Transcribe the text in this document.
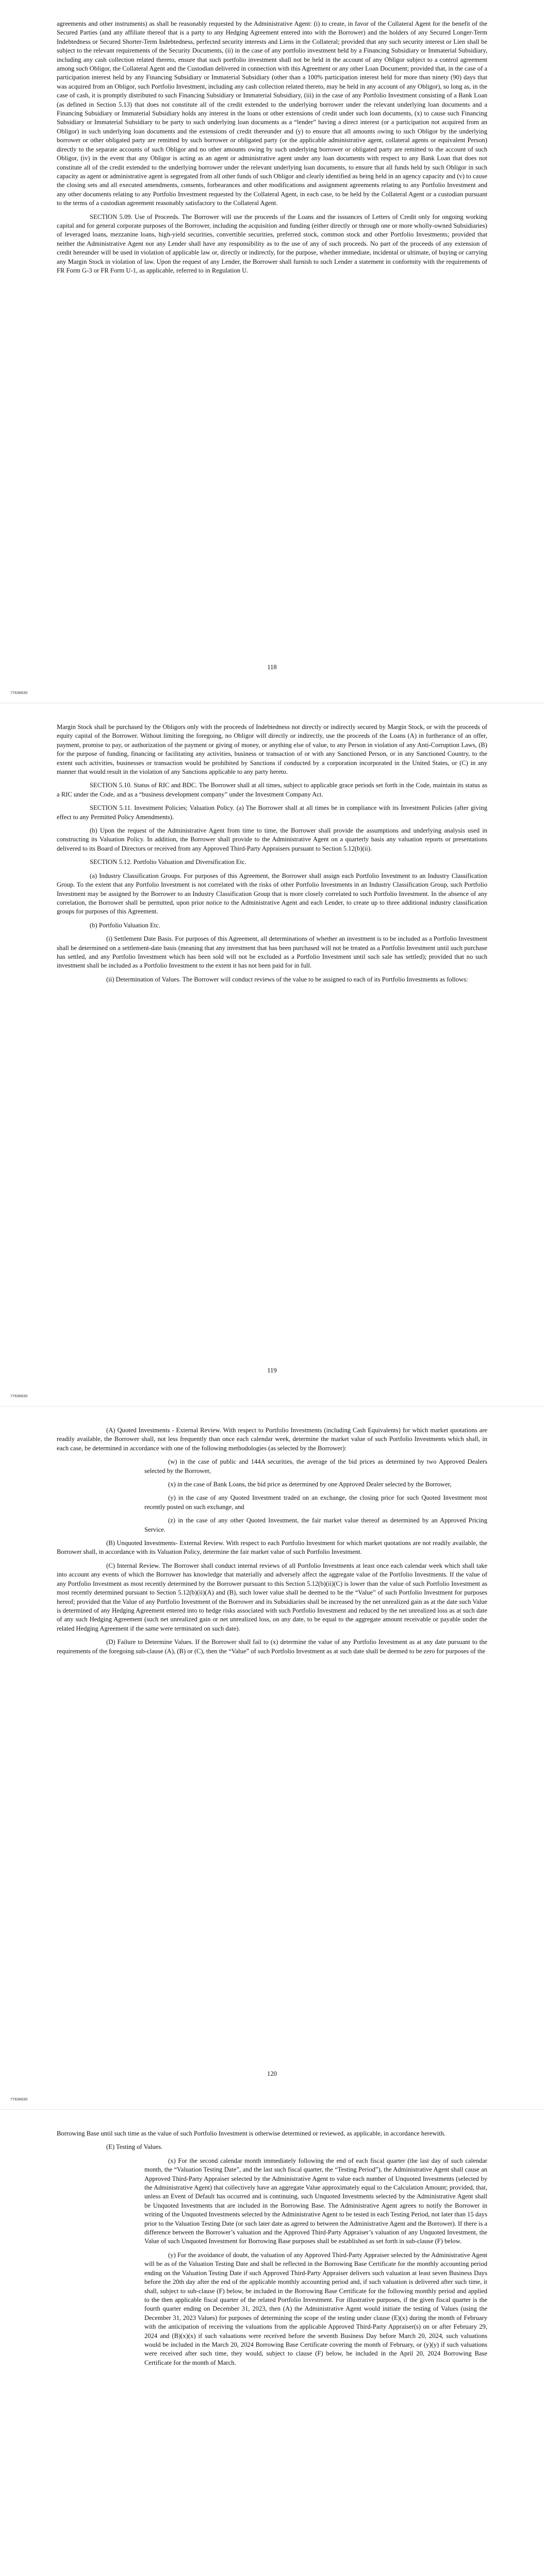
agreements and other instruments) as shall be reasonably requested by the Administrative Agent: (i) to create, in favor of the Collateral Agent for the benefit of the Secured Parties (and any affiliate thereof that is a party to any Hedging Agreement entered into with the Borrower) and the holders of any Secured Longer-Term Indebtedness or Secured Shorter-Term Indebtedness, perfected security interests and Liens in the Collateral; provided that any such security interest or Lien shall be subject to the relevant requirements of the Security Documents, (ii) in the case of any portfolio investment held by a Financing Subsidiary or Immaterial Subsidiary, including any cash collection related thereto, ensure that such portfolio investment shall not be held in the account of any Obligor subject to a control agreement among such Obligor, the Collateral Agent and the Custodian delivered in connection with this Agreement or any other Loan Document; provided that, in the case of a participation interest held by any Financing Subsidiary or Immaterial Subsidiary (other than a 100% participation interest held for more than ninety (90) days that was acquired from an Obligor, such Portfolio Investment, including any cash collection related thereto, may be held in any account of any Obligor), so long as, in the case of cash, it is promptly distributed to such Financing Subsidiary or Immaterial Subsidiary, (iii) in the case of any Portfolio Investment consisting of a Bank Loan (as defined in Section 5.13) that does not constitute all of the credit extended to the underlying borrower under the relevant underlying loan documents and a Financing Subsidiary or Immaterial Subsidiary holds any interest in the loans or other extensions of credit under such loan documents, (x) to cause such Financing Subsidiary or Immaterial Subsidiary to be party to such underlying loan documents as a “lender” having a direct interest (or a participation not acquired from an Obligor) in such underlying loan documents and the extensions of credit thereunder and (y) to ensure that all amounts owing to such Obligor by the underlying borrower or other obligated party are remitted by such borrower or obligated party (or the applicable administrative agent, collateral agents or equivalent Person) directly to the separate accounts of such Obligor and no other amounts owing by such underlying borrower or obligated party are remitted to the account of such Obligor, (iv) in the event that any Obligor is acting as an agent or administrative agent under any loan documents with respect to any Bank Loan that does not constitute all of the credit extended to the underlying borrower under the relevant underlying loan documents, to ensure that all funds held by such Obligor in such capacity as agent or administrative agent is segregated from all other funds of such Obligor and clearly identified as being held in an agency capacity and (v) to cause the closing sets and all executed amendments, consents, forbearances and other modifications and assignment agreements relating to any Portfolio Investment and any other documents relating to any Portfolio Investment requested by the Collateral Agent, in each case, to be held by the Collateral Agent or a custodian pursuant to the terms of a custodian agreement reasonably satisfactory to the Collateral Agent.

SECTION 5.09. Use of Proceeds. The Borrower will use the proceeds of the Loans and the issuances of Letters of Credit only for ongoing working capital and for general corporate purposes of the Borrower, including the acquisition and funding (either directly or through one or more wholly-owned Subsidiaries) of leveraged loans, mezzanine loans, high-yield securities, convertible securities, preferred stock, common stock and other Portfolio Investments; provided that neither the Administrative Agent nor any Lender shall have any responsibility as to the use of any of such proceeds. No part of the proceeds of any extension of credit hereunder will be used in violation of applicable law or, directly or indirectly, for the purpose, whether immediate, incidental or ultimate, of buying or carrying any Margin Stock in violation of law. Upon the request of any Lender, the Borrower shall furnish to such Lender a statement in conformity with the requirements of FR Form G-3 or FR Form U-1, as applicable, referred to in Regulation U.

118
77636630

Margin Stock shall be purchased by the Obligors only with the proceeds of Indebtedness not directly or indirectly secured by Margin Stock, or with the proceeds of equity capital of the Borrower. Without limiting the foregoing, no Obligor will directly or indirectly, use the proceeds of the Loans (A) in furtherance of an offer, payment, promise to pay, or authorization of the payment or giving of money, or anything else of value, to any Person in violation of any Anti-Corruption Laws, (B) for the purpose of funding, financing or facilitating any activities, business or transaction of or with any Sanctioned Person, or in any Sanctioned Country, to the extent such activities, businesses or transaction would be prohibited by Sanctions if conducted by a corporation incorporated in the United States, or (C) in any manner that would result in the violation of any Sanctions applicable to any party hereto.

SECTION 5.10. Status of RIC and BDC. The Borrower shall at all times, subject to applicable grace periods set forth in the Code, maintain its status as a RIC under the Code, and as a “business development company” under the Investment Company Act.

SECTION 5.11. Investment Policies; Valuation Policy. (a) The Borrower shall at all times be in compliance with its Investment Policies (after giving effect to any Permitted Policy Amendments).

(b) Upon the request of the Administrative Agent from time to time, the Borrower shall provide the assumptions and underlying analysis used in constructing its Valuation Policy. In addition, the Borrower shall provide to the Administrative Agent on a quarterly basis any valuation reports or presentations delivered to its Board of Directors or received from any Approved Third-Party Appraisers pursuant to Section 5.12(b)(ii).

SECTION 5.12. Portfolio Valuation and Diversification Etc.

(a) Industry Classification Groups. For purposes of this Agreement, the Borrower shall assign each Portfolio Investment to an Industry Classification Group. To the extent that any Portfolio Investment is not correlated with the risks of other Portfolio Investments in an Industry Classification Group, such Portfolio Investment may be assigned by the Borrower to an Industry Classification Group that is more closely correlated to such Portfolio Investment. In the absence of any correlation, the Borrower shall be permitted, upon prior notice to the Administrative Agent and each Lender, to create up to three additional industry classification groups for purposes of this Agreement.

(b) Portfolio Valuation Etc.

(i) Settlement Date Basis. For purposes of this Agreement, all determinations of whether an investment is to be included as a Portfolio Investment shall be determined on a settlement-date basis (meaning that any investment that has been purchased will not be treated as a Portfolio Investment until such purchase has settled, and any Portfolio Investment which has been sold will not be excluded as a Portfolio Investment until such sale has settled); provided that no such investment shall be included as a Portfolio Investment to the extent it has not been paid for in full.

(ii) Determination of Values. The Borrower will conduct reviews of the value to be assigned to each of its Portfolio Investments as follows:

119
77636630

(A) Quoted Investments - External Review. With respect to Portfolio Investments (including Cash Equivalents) for which market quotations are readily available, the Borrower shall, not less frequently than once each calendar week, determine the market value of such Portfolio Investments which shall, in each case, be determined in accordance with one of the following methodologies (as selected by the Borrower):

(w) in the case of public and 144A securities, the average of the bid prices as determined by two Approved Dealers selected by the Borrower,

(x) in the case of Bank Loans, the bid price as determined by one Approved Dealer selected by the Borrower,

(y) in the case of any Quoted Investment traded on an exchange, the closing price for such Quoted Investment most recently posted on such exchange, and

(z) in the case of any other Quoted Investment, the fair market value thereof as determined by an Approved Pricing Service.

(B) Unquoted Investments- External Review. With respect to each Portfolio Investment for which market quotations are not readily available, the Borrower shall, in accordance with its Valuation Policy, determine the fair market value of such Portfolio Investment.

(C) Internal Review. The Borrower shall conduct internal reviews of all Portfolio Investments at least once each calendar week which shall take into account any events of which the Borrower has knowledge that materially and adversely affect the aggregate value of the Portfolio Investments. If the value of any Portfolio Investment as most recently determined by the Borrower pursuant to this Section 5.12(b)(ii)(C) is lower than the value of such Portfolio Investment as most recently determined pursuant to Section 5.12(b)(ii)(A) and (B), such lower value shall be deemed to be the “Value” of such Portfolio Investment for purposes hereof; provided that the Value of any Portfolio Investment of the Borrower and its Subsidiaries shall be increased by the net unrealized gain as at the date such Value is determined of any Hedging Agreement entered into to hedge risks associated with such Portfolio Investment and reduced by the net unrealized loss as at such date of any such Hedging Agreement (such net unrealized gain or net unrealized loss, on any date, to be equal to the aggregate amount receivable or payable under the related Hedging Agreement if the same were terminated on such date).

(D) Failure to Determine Values. If the Borrower shall fail to (x) determine the value of any Portfolio Investment as at any date pursuant to the requirements of the foregoing sub-clause (A), (B) or (C), then the “Value” of such Portfolio Investment as at such date shall be deemed to be zero for purposes of the

120
77636630

Borrowing Base until such time as the value of such Portfolio Investment is otherwise determined or reviewed, as applicable, in accordance herewith.

(E) Testing of Values.

(x) For the second calendar month immediately following the end of each fiscal quarter (the last day of such calendar month, the “Valuation Testing Date”, and the last such fiscal quarter, the “Testing Period”), the Administrative Agent shall cause an Approved Third-Party Appraiser selected by the Administrative Agent to value each number of Unquoted Investments (selected by the Administrative Agent) that collectively have an aggregate Value approximately equal to the Calculation Amount; provided, that, unless an Event of Default has occurred and is continuing, such Unquoted Investments selected by the Administrative Agent shall be Unquoted Investments that are included in the Borrowing Base. The Administrative Agent agrees to notify the Borrower in writing of the Unquoted Investments selected by the Administrative Agent to be tested in each Testing Period, not later than 15 days prior to the Valuation Testing Date (or such later date as agreed to between the Administrative Agent and the Borrower). If there is a difference between the Borrower’s valuation and the Approved Third-Party Appraiser’s valuation of any Unquoted Investment, the Value of such Unquoted Investment for Borrowing Base purposes shall be established as set forth in sub-clause (F) below.

(y) For the avoidance of doubt, the valuation of any Approved Third-Party Appraiser selected by the Administrative Agent will be as of the Valuation Testing Date and shall be reflected in the Borrowing Base Certificate for the monthly accounting period ending on the Valuation Testing Date if such Approved Third-Party Appraiser delivers such valuation at least seven Business Days before the 20th day after the end of the applicable monthly accounting period and, if such valuation is delivered after such time, it shall, subject to sub-clause (F) below, be included in the Borrowing Base Certificate for the following monthly period and applied to the then applicable fiscal quarter of the related Portfolio Investment. For illustrative purposes, if the given fiscal quarter is the fourth quarter ending on December 31, 2023, then (A) the Administrative Agent would initiate the testing of Values (using the December 31, 2023 Values) for purposes of determining the scope of the testing under clause (E)(x) during the month of February with the anticipation of receiving the valuations from the applicable Approved Third-Party Appraiser(s) on or after February 29, 2024 and (B)(x)(x) if such valuations were received before the seventh Business Day before March 20, 2024, such valuations would be included in the March 20, 2024 Borrowing Base Certificate covering the month of February, or (y)(y) if such valuations were received after such time, they would, subject to clause (F) below, be included in the April 20, 2024 Borrowing Base Certificate for the month of March.
